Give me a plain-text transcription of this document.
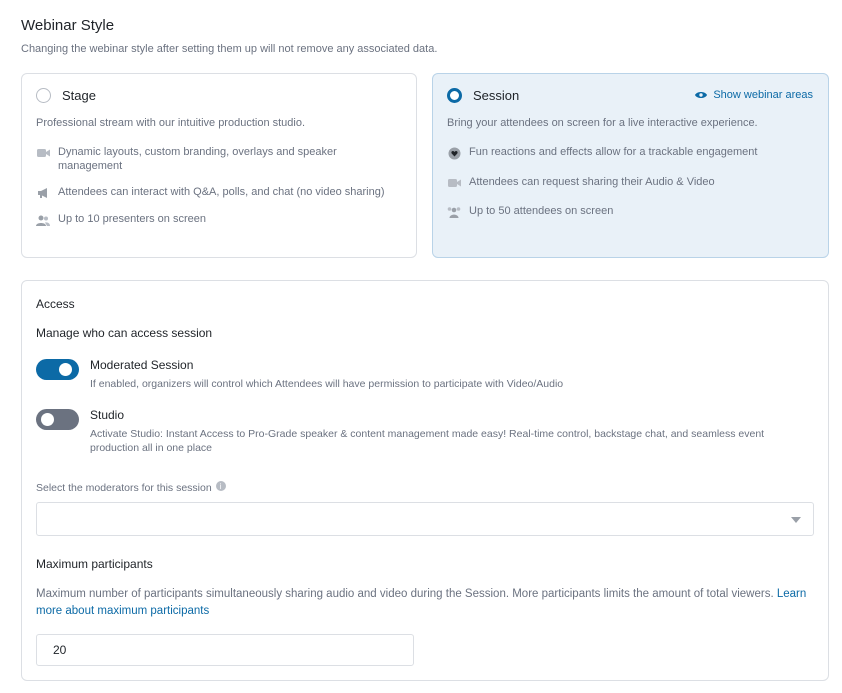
Webinar Style
Changing the webinar style after setting them up will not remove any associated data.
Stage
Professional stream with our intuitive production studio.
Dynamic layouts, custom branding, overlays and speaker management
Attendees can interact with Q&A, polls, and chat (no video sharing)
Up to 10 presenters on screen
Session	Show webinar areas
Bring your attendees on screen for a live interactive experience.
Fun reactions and effects allow for a trackable engagement
Attendees can request sharing their Audio & Video
Up to 50 attendees on screen
Access
Manage who can access session
Moderated Session
If enabled, organizers will control which Attendees will have permission to participate with Video/Audio
Studio
Activate Studio: Instant Access to Pro-Grade speaker & content management made easy! Real-time control, backstage chat, and seamless event production all in one place
Select the moderators for this session	i
Maximum participants
Maximum number of participants simultaneously sharing audio and video during the Session. More participants limits the amount of total viewers. Learn more about maximum participants
20
